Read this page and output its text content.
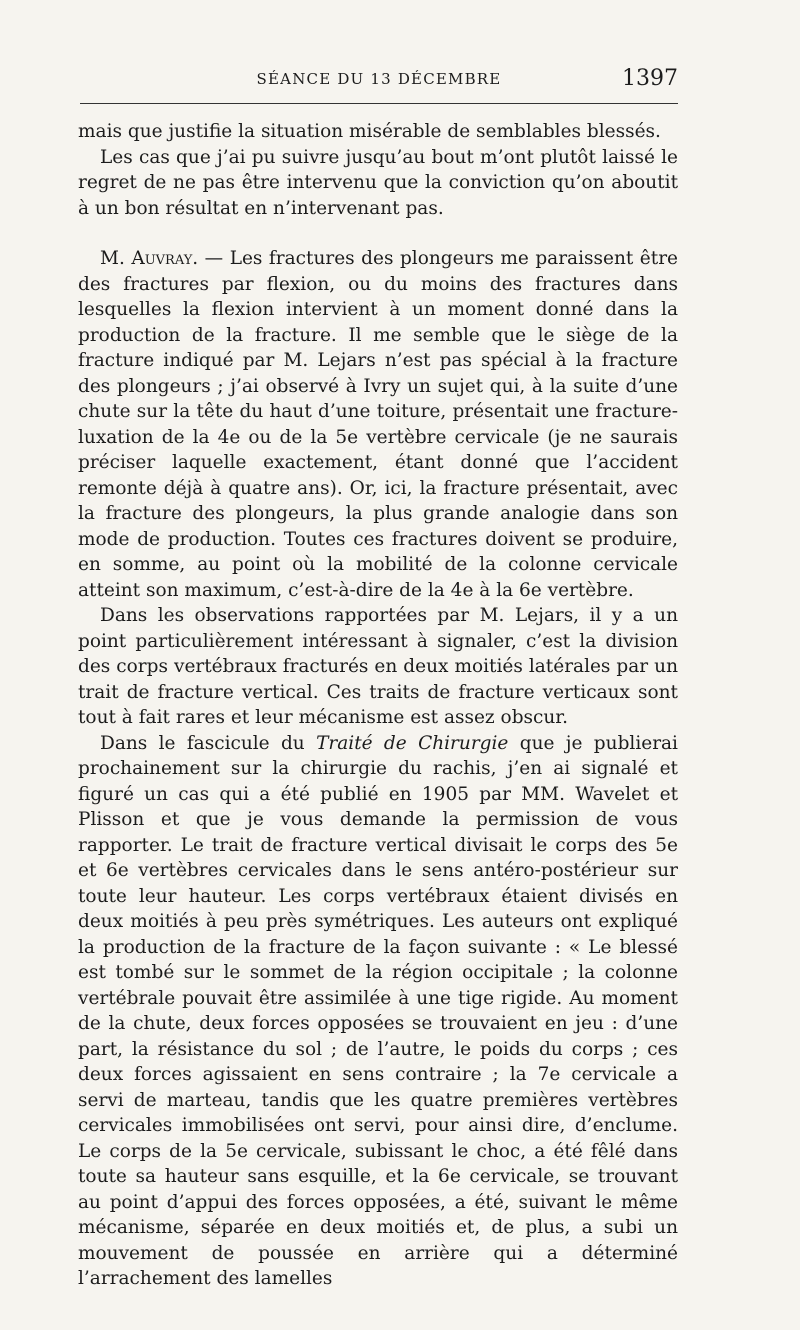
SÉANCE DU 13 DÉCEMBRE	1397

mais que justifie la situation misérable de semblables blessés.

Les cas que j’ai pu suivre jusqu’au bout m’ont plutôt laissé le regret de ne pas être intervenu que la conviction qu’on aboutit à un bon résultat en n’intervenant pas.

M. Auvray. — Les fractures des plongeurs me paraissent être des fractures par flexion, ou du moins des fractures dans lesquelles la flexion intervient à un moment donné dans la production de la fracture. Il me semble que le siège de la fracture indiqué par M. Lejars n’est pas spécial à la fracture des plongeurs ; j’ai observé à Ivry un sujet qui, à la suite d’une chute sur la tête du haut d’une toiture, présentait une fracture-luxation de la 4e ou de la 5e vertèbre cervicale (je ne saurais préciser laquelle exactement, étant donné que l’accident remonte déjà à quatre ans). Or, ici, la fracture présentait, avec la fracture des plongeurs, la plus grande analogie dans son mode de production. Toutes ces fractures doivent se produire, en somme, au point où la mobilité de la colonne cervicale atteint son maximum, c’est-à-dire de la 4e à la 6e vertèbre.

Dans les observations rapportées par M. Lejars, il y a un point particulièrement intéressant à signaler, c’est la division des corps vertébraux fracturés en deux moitiés latérales par un trait de fracture vertical. Ces traits de fracture verticaux sont tout à fait rares et leur mécanisme est assez obscur.

Dans le fascicule du Traité de Chirurgie que je publierai prochainement sur la chirurgie du rachis, j’en ai signalé et figuré un cas qui a été publié en 1905 par MM. Wavelet et Plisson et que je vous demande la permission de vous rapporter. Le trait de fracture vertical divisait le corps des 5e et 6e vertèbres cervicales dans le sens antéro-postérieur sur toute leur hauteur. Les corps vertébraux étaient divisés en deux moitiés à peu près symétriques. Les auteurs ont expliqué la production de la fracture de la façon suivante : « Le blessé est tombé sur le sommet de la région occipitale ; la colonne vertébrale pouvait être assimilée à une tige rigide. Au moment de la chute, deux forces opposées se trouvaient en jeu : d’une part, la résistance du sol ; de l’autre, le poids du corps ; ces deux forces agissaient en sens contraire ; la 7e cervicale a servi de marteau, tandis que les quatre premières vertèbres cervicales immobilisées ont servi, pour ainsi dire, d’enclume. Le corps de la 5e cervicale, subissant le choc, a été fêlé dans toute sa hauteur sans esquille, et la 6e cervicale, se trouvant au point d’appui des forces opposées, a été, suivant le même mécanisme, séparée en deux moitiés et, de plus, a subi un mouvement de poussée en arrière qui a déterminé l’arrachement des lamelles
